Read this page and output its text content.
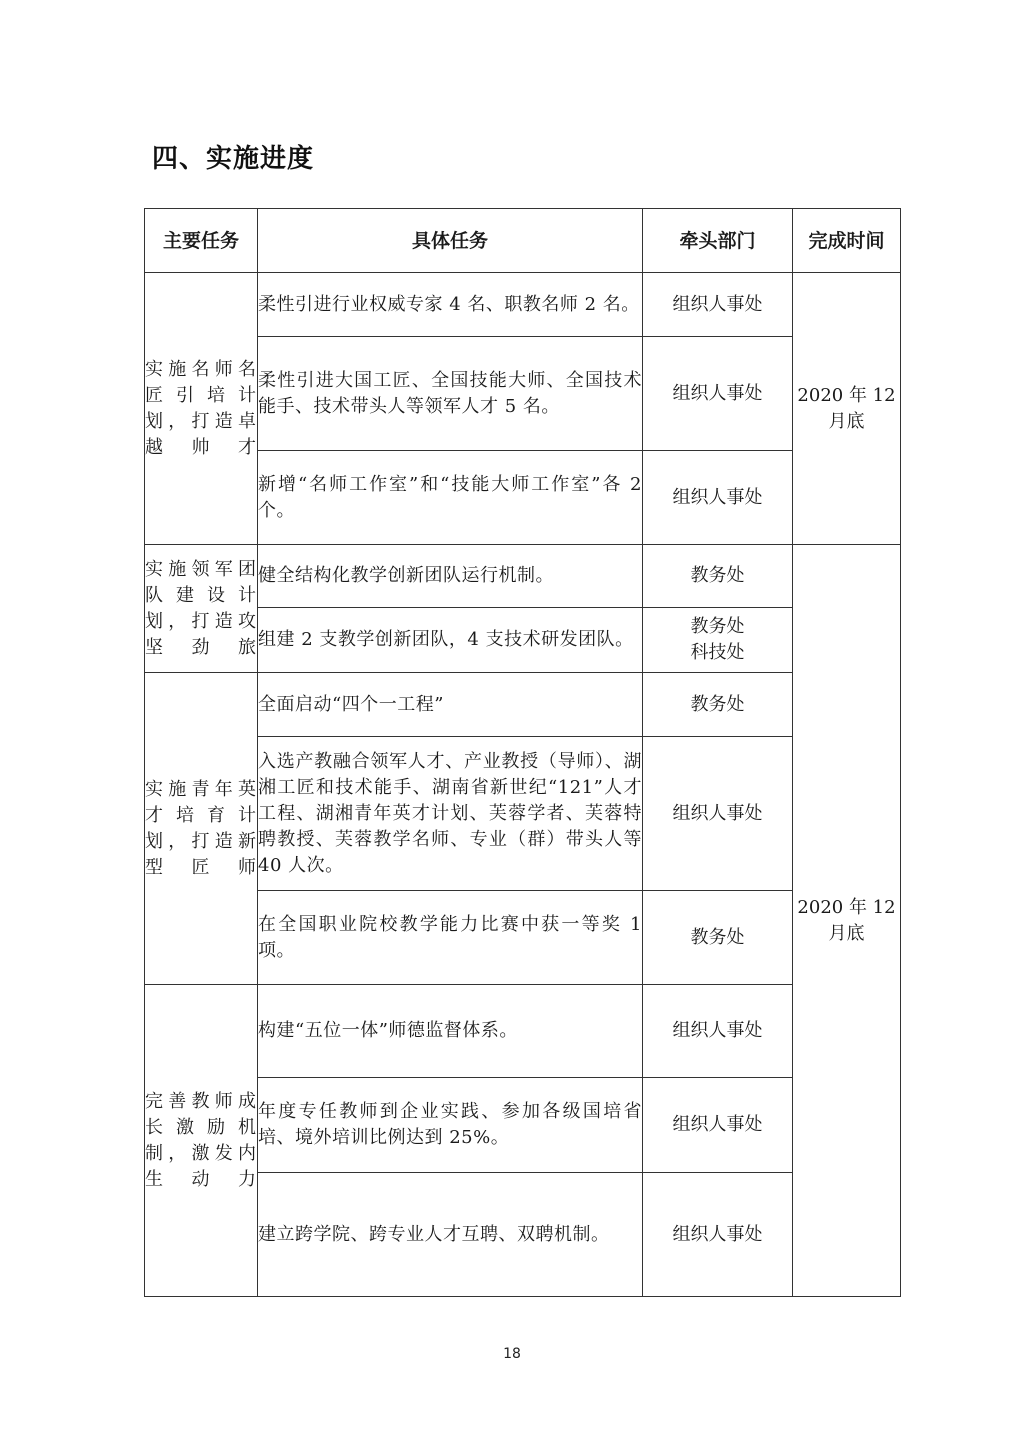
四、实施进度
主要任务	具体任务	牵头部门	完成时间
实施名师名匠引培计划，打造卓越帅才	柔性引进行业权威专家 4 名、职教名师 2 名。	组织人事处	2020 年 12
月底

	柔性引进大国工匠、全国技能大师、全国技术能手、技术带头人等领军人才 5 名。	组织人事处	

	新增“名师工作室”和“技能大师工作室”各 2 个。	组织人事处	

实施领军团队建设计划，打造攻坚劲旅	健全结构化教学创新团队运行机制。	教务处	2020 年 12
月底

	组建 2 支教学创新团队，4 支技术研发团队。	教务处
科技处	

实施青年英才培育计划，打造新型匠师	全面启动“四个一工程”	教务处	

	入选产教融合领军人才、产业教授（导师）、湖湘工匠和技术能手、湖南省新世纪“121”人才工程、湖湘青年英才计划、芙蓉学者、芙蓉特聘教授、芙蓉教学名师、专业（群）带头人等 40 人次。	组织人事处	

	在全国职业院校教学能力比赛中获一等奖 1 项。	教务处	

完善教师成长激励机制，激发内生动力	构建“五位一体”师德监督体系。	组织人事处	

	年度专任教师到企业实践、参加各级国培省培、境外培训比例达到 25%。	组织人事处	

	建立跨学院、跨专业人才互聘、双聘机制。	组织人事处	
18
